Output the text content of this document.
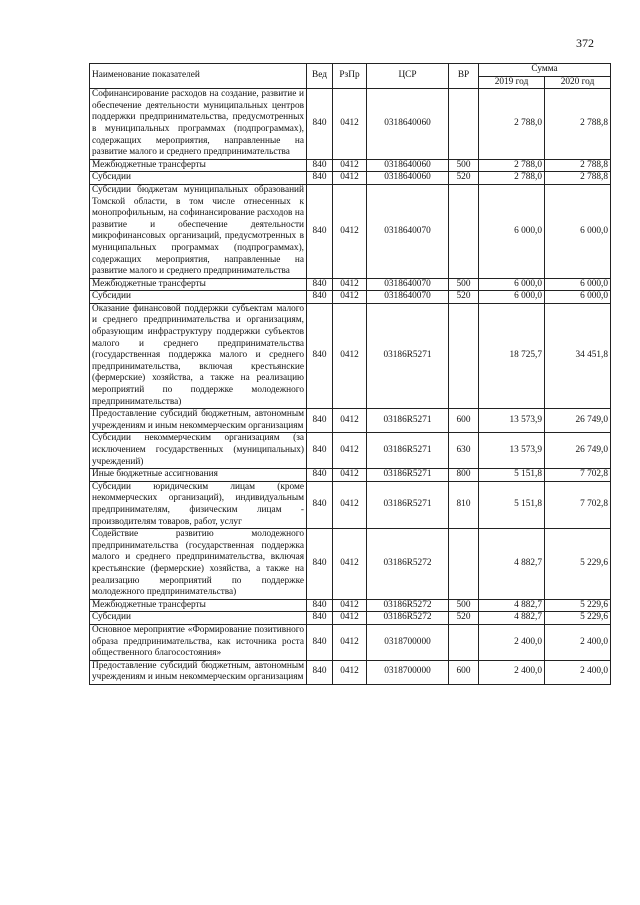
372
Наименование показателей	Вед	РзПр	ЦСР	ВР	Сумма	
					2019 год	2020 год
Софинансирование расходов на создание, развитие и обеспечение деятельности муниципальных центров поддержки предпринимательства, предусмотренных в муниципальных программах (подпрограммах), содержащих мероприятия, направленные на развитие малого и среднего предпринимательства	840	0412	0318640060		2 788,0	2 788,8
Межбюджетные трансферты	840	0412	0318640060	500	2 788,0	2 788,8
Субсидии	840	0412	0318640060	520	2 788,0	2 788,8
Субсидии бюджетам муниципальных образований Томской области, в том числе отнесенных к монопрофильным, на софинансирование расходов на развитие и обеспечение деятельности микрофинансовых организаций, предусмотренных в муниципальных программах (подпрограммах), содержащих мероприятия, направленные на развитие малого и среднего предпринимательства	840	0412	0318640070		6 000,0	6 000,0
Межбюджетные трансферты	840	0412	0318640070	500	6 000,0	6 000,0
Субсидии	840	0412	0318640070	520	6 000,0	6 000,0
Оказание финансовой поддержки субъектам малого и среднего предпринимательства и организациям, образующим инфраструктуру поддержки субъектов малого и среднего предпринимательства (государственная поддержка малого и среднего предпринимательства, включая крестьянские (фермерские) хозяйства, а также на реализацию мероприятий по поддержке молодежного предпринимательства)	840	0412	03186R5271		18 725,7	34 451,8
Предоставление субсидий бюджетным, автономным учреждениям и иным некоммерческим организациям	840	0412	03186R5271	600	13 573,9	26 749,0
Субсидии некоммерческим организациям (за исключением государственных (муниципальных) учреждений)	840	0412	03186R5271	630	13 573,9	26 749,0
Иные бюджетные ассигнования	840	0412	03186R5271	800	5 151,8	7 702,8
Субсидии юридическим лицам (кроме некоммерческих организаций), индивидуальным предпринимателям, физическим лицам - производителям товаров, работ, услуг	840	0412	03186R5271	810	5 151,8	7 702,8
Содействие развитию молодежного предпринимательства (государственная поддержка малого и среднего предпринимательства, включая крестьянские (фермерские) хозяйства, а также на реализацию мероприятий по поддержке молодежного предпринимательства)	840	0412	03186R5272		4 882,7	5 229,6
Межбюджетные трансферты	840	0412	03186R5272	500	4 882,7	5 229,6
Субсидии	840	0412	03186R5272	520	4 882,7	5 229,6
Основное мероприятие «Формирование позитивного образа предпринимательства, как источника роста общественного благосостояния»	840	0412	0318700000		2 400,0	2 400,0
Предоставление субсидий бюджетным, автономным учреждениям и иным некоммерческим организациям	840	0412	0318700000	600	2 400,0	2 400,0
